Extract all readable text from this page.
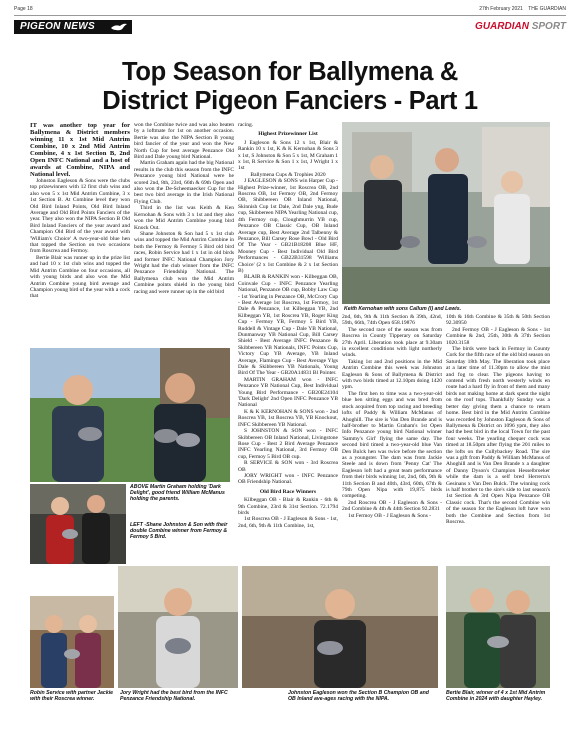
Page 18	27th February 2021 THE GUARDIAN
PIGEON NEWS	GUARDIAN SPORT
Top Season for Ballymena &
District Pigeon Fanciers - Part 1

IT was another top year for Ballymena & District members winning 11 x 1st Mid Antrim Combine, 10 x 2nd Mid Antrim Combine, 4 x 1st Section B, 2nd Open INFC National and a host of awards at Combine, NIPA and National level.

Johnston Eagleson & Sons were the clubs top prizewinners with 12 first club wins and also won 5 x 1st Mid Antrim Combine, 3 x 1st Section B. At Combine level they won Old Bird Inland Points, Old Bird Inland Average and Old Bird Points Fanciers of the year. They also won the NIPA Section B Old Bird Inland Fanciers of the year award and Champion Old Bird of the year award with 'William's Choice' A two-year-old blue hen that topped the Section on two occasions from Roscrea and Fermoy.

Bertie Blair was runner up in the prize list and had 10 x 1st club wins and topped the Mid Antrim Combine on four occasions, all with young birds and also won the Mid Antrim Combine young bird average and Champion young bird of the year with a cock that

won the Combine twice and was also beaten by a loftmate for 1st on another occasion. Bertie was also the NIPA Section B young bird fancier of the year and won the New North Cup for best average Penzance Old Bird and Dale young bird National.

Martin Graham again had the big National results in the club this season from the INFC Penzance young bird National were he scored 2nd, 8th, 23rd, 66th & 69th Open and also won the De-Scheemaecker Cup for the best two bird average in the Irish National Flying Club.

Third in the list was Keith & Ken Kernohan & Sons with 3 x 1st and they also won the Mid Antrim Combine young bird Knock Out.

Shane Johnston & Son had 5 x 1st club wins and topped the Mid Antrim Combine in both the Fermoy & Fermoy 5 Bird old bird races, Robin Service had 1 x 1st in old birds and former INFC National Champion Jory Wright had the club winner from the INFC Penzance Friendship National. The Ballymena club won the Mid Antrim Combine points shield in the young bird racing and were runner up in the old bird

racing.

Highest Prizewinner List

J Eagleson & Sons 12 x 1st, Blair & Rankin 10 x 1st, K & K Kernohan & Sons 3 x 1st, S Johnston & Son 5 x 1st, M Graham 1 x 1st, R Service & Son 1 x 1st, J Wright 1 x 1st

Ballymena Cups & Trophies 2020

J EAGLESON & SONS win Harper Cup - Highest Prize-winner, 1st Roscrea OB, 2nd Roscrea OB, 1st Fermoy OB, 2nd Fermoy OB, Shibbereen OB Inland National, Skinnish Cup 1st Dale, 2nd Dale yng, Bude cup, Skibbereen NIPA Yearling National cup, 4th Fermoy cup, Cloughmurrin YB cup, Penzance OB Classic Cup, OB Inland Average cup, Best Average 2nd Talbenny & Penzance, Bill Carsey Rose Bowl - Old Bird Of The Year - GB21B18208 Blue HF, Mooney Cup - Best Individual Old Bird Performances - GB22B31598 'Williams Choice' (2 x 1st Combine & 2 x 1st Section B)

BLAIR & RANKIN won - Kilbeggan OB, Coinvale Cup - INFC Penzance Yearling National, Penzance OB cup, Bobby Law Cup - 1st Yearling in Penzance OB, McCrory Cup - Best Average 1st Roscrea, 1st Fermoy, 1st Dale & Penzance, 1st Kilbeggan YB, 2nd Kilbeggan YB, 1st Roscrea YB, Roger King Cup - Fermoy YB, Fermoy 5 Bird YB, Ruddell & Vintage Cup - Dale YB National, Dunmanway YB National Cup, Bill Carsey Shield - Best Average INFC Penzance & Skibbereen YB Nationals, INFC Points Cup, Victory Cup YB Average, YB Inland Average, Flamingo Cup - Best Average Ylgs Dale & Skibbereen YB Nationals, Young Bird Of The Year - GB20A14831 Bl Pointer.

MARTIN GRAHAM won - INFC Penzance YB National Cup, Best Individual Young Bird Performance - GB20E24104 'Dark Delight' 2nd Open INFC Penzance YB National

K & K KERNOHAN & SONS won - 2nd Roscrea YB, 1st Roscrea YB, YB Knockout, INFC Skibbereen YB National.

S JOHNSTON & SON won - INFC Skibbereen OB Inland National, Livingstone Rose Cup - Best 2 Bird Average Penzance INFC Yearling National, 3rd Fermoy OB cup, Fermoy 5 Bird OB cup.

R SERVICE & SON won - 3rd Roscrea OB

JORY WRIGHT won - INFC Penzance OB Friendship National.

Old Bird Race Winners

Kilbeggan OB - Blair & Rankin - 6th & 9th Combine, 23rd & 31st Section. 72.1794 birds

1st Roscrea OB - J Eagleson & Sons - 1st, 2nd, 6th, 9th & 11th Combine, 1st,

2nd, 6th, 9th & 11th Section & 39th, 42nd, 59th, 66th, 74th Open 658.19876

The second race of the season was from Roscrea in County Tipperary on Saturday 27th April. Liberation took place at 9.30am in excellent conditions with light northerly winds.

Taking 1st and 2nd positions in the Mid Antrim Combine this week was Johnston Eagleson & Sons of Ballymena & District with two birds timed at 12.10pm doing 1420 ypm.

The first hen to time was a two-year-old blue hen sitting eggs and was bred from stock acquired from top racing and breeding lofts of Paddy & William McManus of Ahoghill. The sire is Van Den Brande and is half-brother to Martin Graham's 1st Open Info Penzance young bird National winner 'Sammy's Girl' flying the same day. The second bird timed a two-year-old blue Van Den Bulck hen was twice before the section as a youngster. The dam was from Jackie Steele and is down from 'Penny Cat' The Eagleson loft had a great team performance from their birds winning 1st, 2nd, 6th, 9th & 11th Section B and 40th, 43rd, 60th, 67th & 79th Open Nipa with 19,875 birds competing.

2nd Roscrea OB - J Eagleson & Sons - 2nd Combine & 4th & 44th Section 92.2831

1st Fermoy OB - J Eagleson & Sons -

10th & 16th Combine & 35th & 50th Section 92.30950

2nd Fermoy OB - J Eagleson & Sons - 1st Combine & 2nd, 25th, 30th & 37th Section 1020.3158

The birds were back in Fermoy in County Cork for the fifth race of the old bird season on Saturday 18th May. The liberation took place at a later time of 11.30pm to allow the mist and fog to clear. The pigeons having to contend with fresh north westerly winds en route had a hard fly in front of them and many birds not making home at dark spent the night on the roof tops. Thankfully Sunday was a better day giving them a chance to return home. Best bird in the Mid Antrim Combine was recorded by Johnston Eagleson & Sons of Ballymena & District on 1096 ypm, they also had the best bird in the local Town for the past four weeks. The yearling chequer cock was timed at 18.50pm after flying the 201 miles to the lofts on the Cullybackey Road. The sire was a gift from Paddy & William McManus of Ahoghill and is Van Den Brande x a daughter of Danny Dyson's Champion Hesselbroeker while the dam is a self bred Herrerra's Gesinans x Van Den Bulck. The winning cock is half brother to the sire's side to last season's 1st Section & 3rd Open Nipa Penzance OB Classic cock. That's the second Combine win of the season for the Eagleson loft have won both the Combine and Section from 1st Roscrea.

Keith Kernohan with sons Callum (l) and Lewis.
ABOVE Martin Graham holding 'Dark Delight', good friend William McManus holding the parents.
LEFT -Shane Johnston & Son with their double Combine winner from Fermoy & Fermoy 5 Bird.
Robin Service with partner Jackie with their Roscrea winner.
Jory Wright had the best bird from the INFC Penzance Friendship National.
Johnston Eagleson won the Section B Champion OB and OB Inland ave-ages racing with the NIPA.
Bertie Blair, winner of 4 x 1st Mid Antrim Combine in 2024 with daughter Hayley.
